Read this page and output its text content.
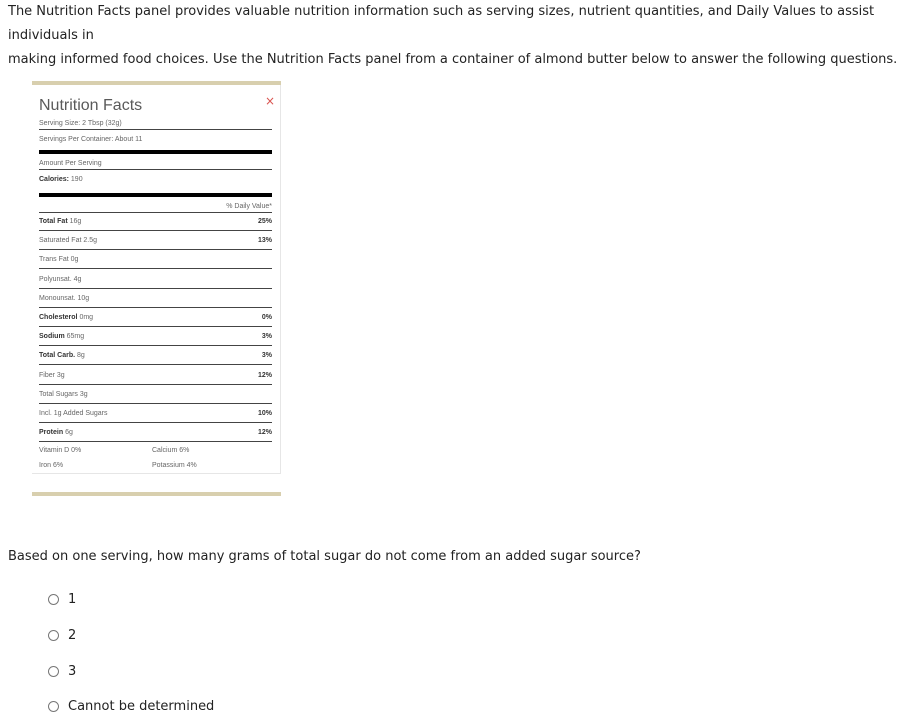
The Nutrition Facts panel provides valuable nutrition information such as serving sizes, nutrient quantities, and Daily Values to assist individuals in
making informed food choices. Use the Nutrition Facts panel from a container of almond butter below to answer the following questions.
Nutrition Facts	×
Serving Size: 2 Tbsp (32g)
Servings Per Container: About 11
Amount Per Serving
Calories: 190
% Daily Value*
Total Fat 16g	25%
Saturated Fat 2.5g	13%
Trans Fat 0g
Polyunsat. 4g
Monounsat. 10g
Cholesterol 0mg	0%
Sodium 65mg	3%
Total Carb. 8g	3%
Fiber 3g	12%
Total Sugars 3g
Incl. 1g Added Sugars	10%
Protein 6g	12%
Vitamin D 0%	Calcium 6%
Iron 6%	Potassium 4%
Based on one serving, how many grams of total sugar do not come from an added sugar source?
1
2
3
Cannot be determined
